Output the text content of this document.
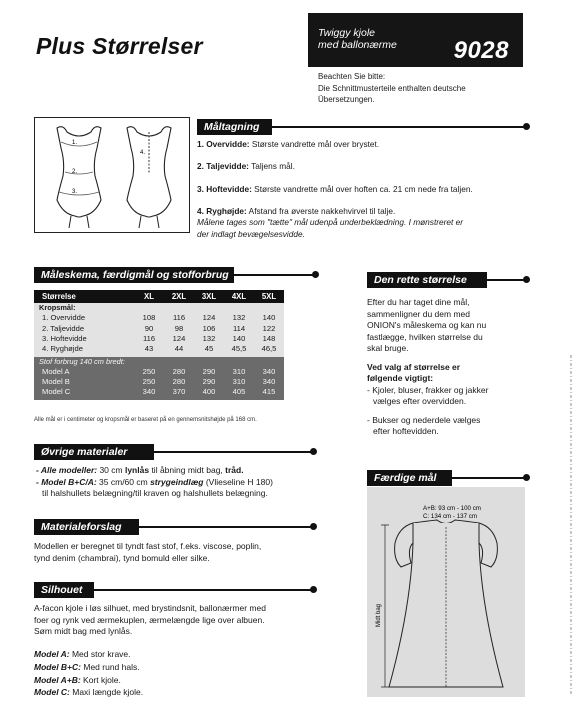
Plus Størrelser	Twiggy kjole
med ballonærme 9028
Beachten Sie bitte:
Die Schnittmusterteile enthalten deutsche
Übersetzungen.
1.
2.
3.
4.
Måltagning
1. Overvidde: Største vandrette mål over brystet.
2. Taljevidde: Taljens mål.
3. Hoftevidde: Største vandrette mål over hoften ca. 21 cm nede fra taljen.
4. Ryghøjde: Afstand fra øverste nakkehvirvel til talje.
Målene tages som "tætte" mål udenpå underbeklædning. I mønstreret er
der indlagt bevægelsesvidde.
Måleskema, færdigmål og stofforbrug
Størrelse	XL	2XL	3XL	4XL	5XL
Kropsmål:
1. Overvidde	108	116	124	132	140
2. Taljevidde	90	98	106	114	122
3. Hoftevidde	116	124	132	140	148
4. Ryghøjde	43	44	45	45,5	46,5
Stof forbrug 140 cm bredt:
Model A	250	280	290	310	340
Model B	250	280	290	310	340
Model C	340	370	400	405	415
Alle mål er i centimeter og kropsmål er baseret på en gennemsnitshøjde på 168 cm.
Øvrige materialer
- Alle modeller: 30 cm lynlås til åbning midt bag, tråd.
- Model B+C/A: 35 cm/60 cm strygeindlæg (Vlieseline H 180)
til halshullets belægning/til kraven og halshullets belægning.
Materialeforslag
Modellen er beregnet til tyndt fast stof, f.eks. viscose, poplin,
tynd denim (chambrai), tynd bomuld eller silke.
Silhouet
A-facon kjole i løs silhuet, med brystindsnit, ballonærmer med
foer og rynk ved ærmekuplen, ærmelængde lige over albuen.
Søm midt bag med lynlås.
Model A: Med stor krave.
Model B+C: Med rund hals.
Model A+B: Kort kjole.
Model C: Maxi længde kjole.
Den rette størrelse
Efter du har taget dine mål,
sammenligner du dem med
ONION's måleskema og kan nu
fastlægge, hvilken størrelse du
skal bruge.
Ved valg af størrelse er
følgende vigtigt:
- Kjoler, bluser, frakker og jakker
vælges efter overvidden.
- Bukser og nederdele vælges
efter hoftevidden.
Færdige mål
Midt bag
A+B: 93 cm - 100 cm
C: 134 cm - 137 cm
